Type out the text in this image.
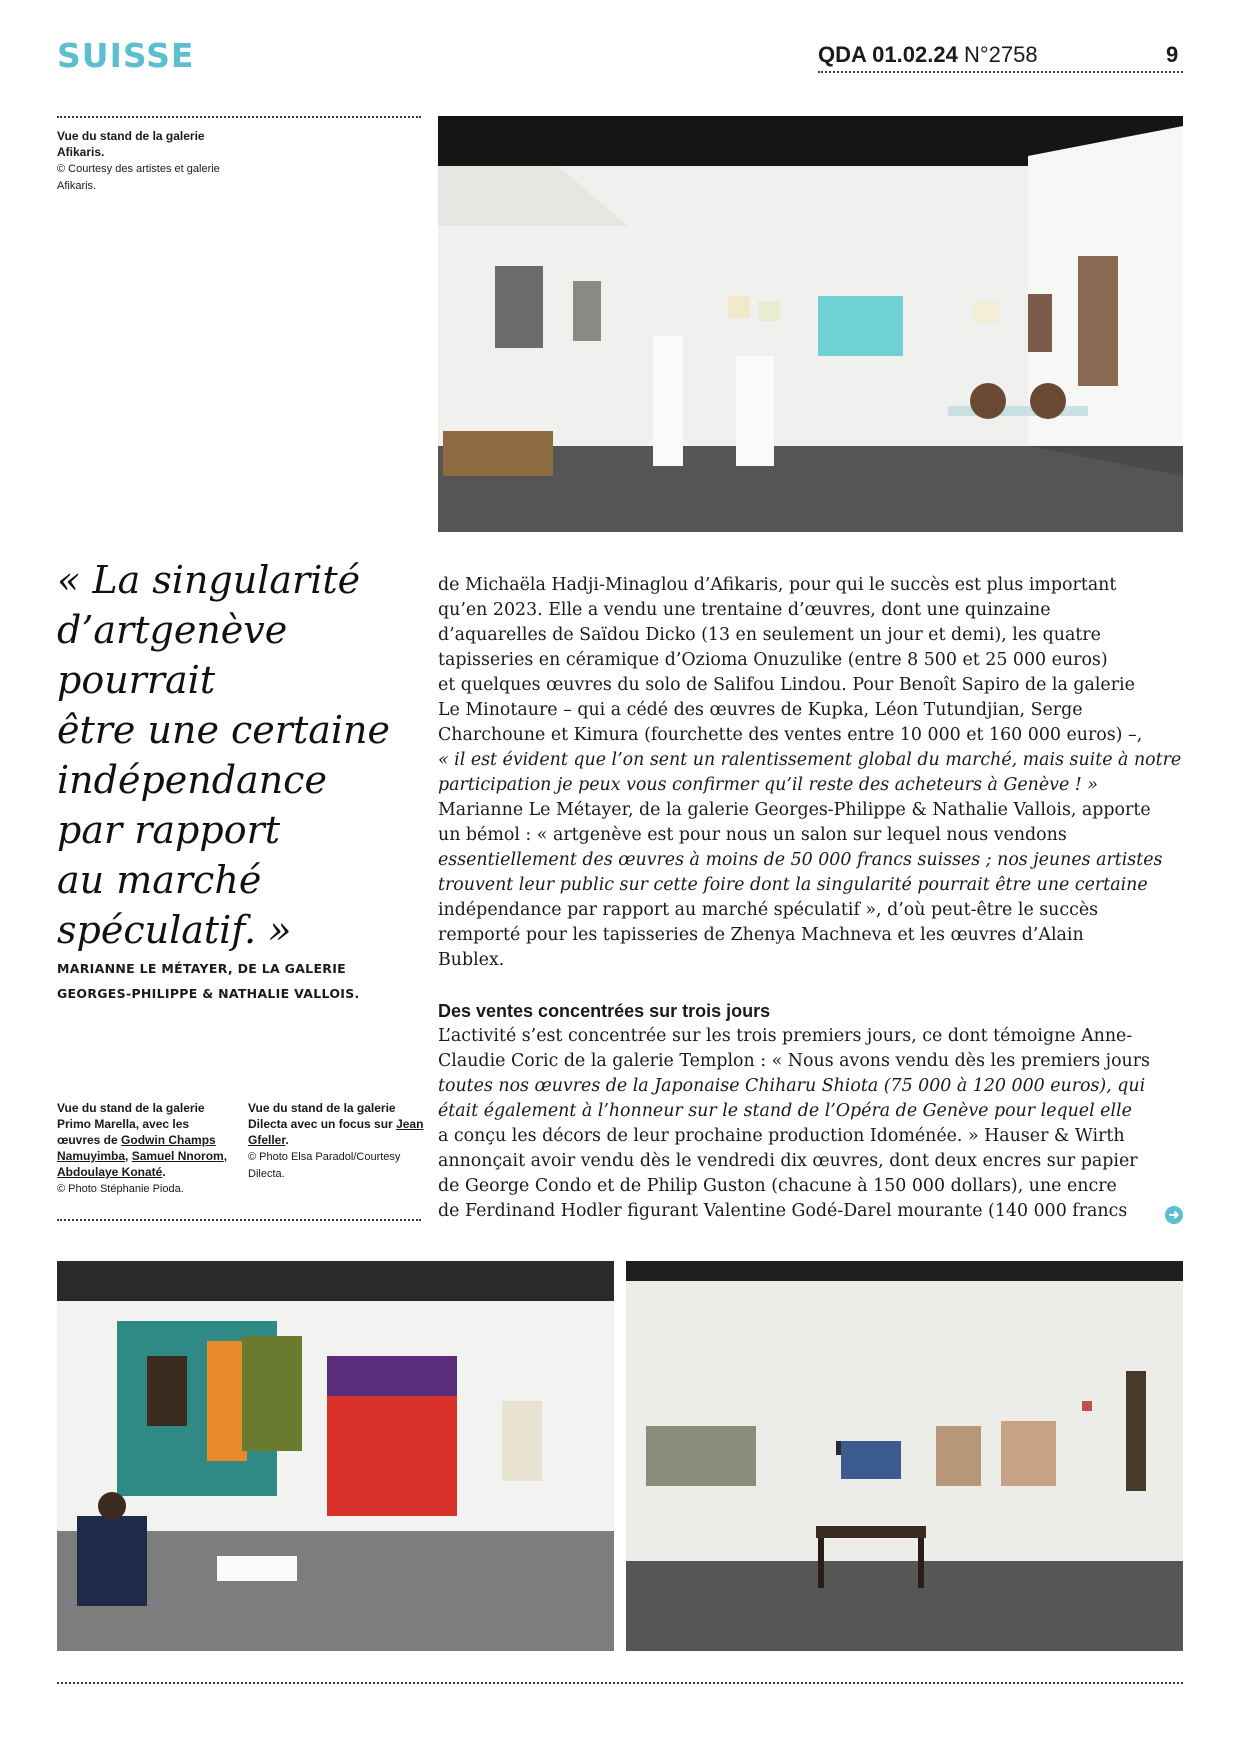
SUISSE	QDA 01.02.24 N°2758	9
Vue du stand de la galerie
Afikaris.
© Courtesy des artistes et galerie
Afikaris.
« La singularité
d’artgenève
pourrait
être une certaine
indépendance
par rapport
au marché
spéculatif. »
MARIANNE LE MÉTAYER, DE LA GALERIE
GEORGES-PHILIPPE & NATHALIE VALLOIS.

de Michaëla Hadji-Minaglou d’Afikaris, pour qui le succès est plus important

qu’en 2023. Elle a vendu une trentaine d’œuvres, dont une quinzaine

d’aquarelles de Saïdou Dicko (13 en seulement un jour et demi), les quatre

tapisseries en céramique d’Ozioma Onuzulike (entre 8 500 et 25 000 euros)

et quelques œuvres du solo de Salifou Lindou. Pour Benoît Sapiro de la galerie

Le Minotaure – qui a cédé des œuvres de Kupka, Léon Tutundjian, Serge

Charchoune et Kimura (fourchette des ventes entre 10 000 et 160 000 euros) –,

« il est évident que l’on sent un ralentissement global du marché, mais suite à notre

participation je peux vous confirmer qu’il reste des acheteurs à Genève ! »

Marianne Le Métayer, de la galerie Georges-Philippe & Nathalie Vallois, apporte

un bémol : « artgenève est pour nous un salon sur lequel nous vendons

essentiellement des œuvres à moins de 50 000 francs suisses ; nos jeunes artistes

trouvent leur public sur cette foire dont la singularité pourrait être une certaine

indépendance par rapport au marché spéculatif », d’où peut-être le succès

remporté pour les tapisseries de Zhenya Machneva et les œuvres d’Alain

Bublex.

Des ventes concentrées sur trois jours

L’activité s’est concentrée sur les trois premiers jours, ce dont témoigne Anne-

Claudie Coric de la galerie Templon : « Nous avons vendu dès les premiers jours

toutes nos œuvres de la Japonaise Chiharu Shiota (75 000 à 120 000 euros), qui

était également à l’honneur sur le stand de l’Opéra de Genève pour lequel elle

a conçu les décors de leur prochaine production Idoménée. » Hauser & Wirth

annonçait avoir vendu dès le vendredi dix œuvres, dont deux encres sur papier

de George Condo et de Philip Guston (chacune à 150 000 dollars), une encre

de Ferdinand Hodler figurant Valentine Godé-Darel mourante (140 000 francs	➜
Vue du stand de la galerie
Primo Marella, avec les
œuvres de Godwin Champs
Namuyimba, Samuel Nnorom,
Abdoulaye Konaté.
© Photo Stéphanie Pioda.
Vue du stand de la galerie
Dilecta avec un focus sur Jean
Gfeller.
© Photo Elsa Paradol/Courtesy
Dilecta.
